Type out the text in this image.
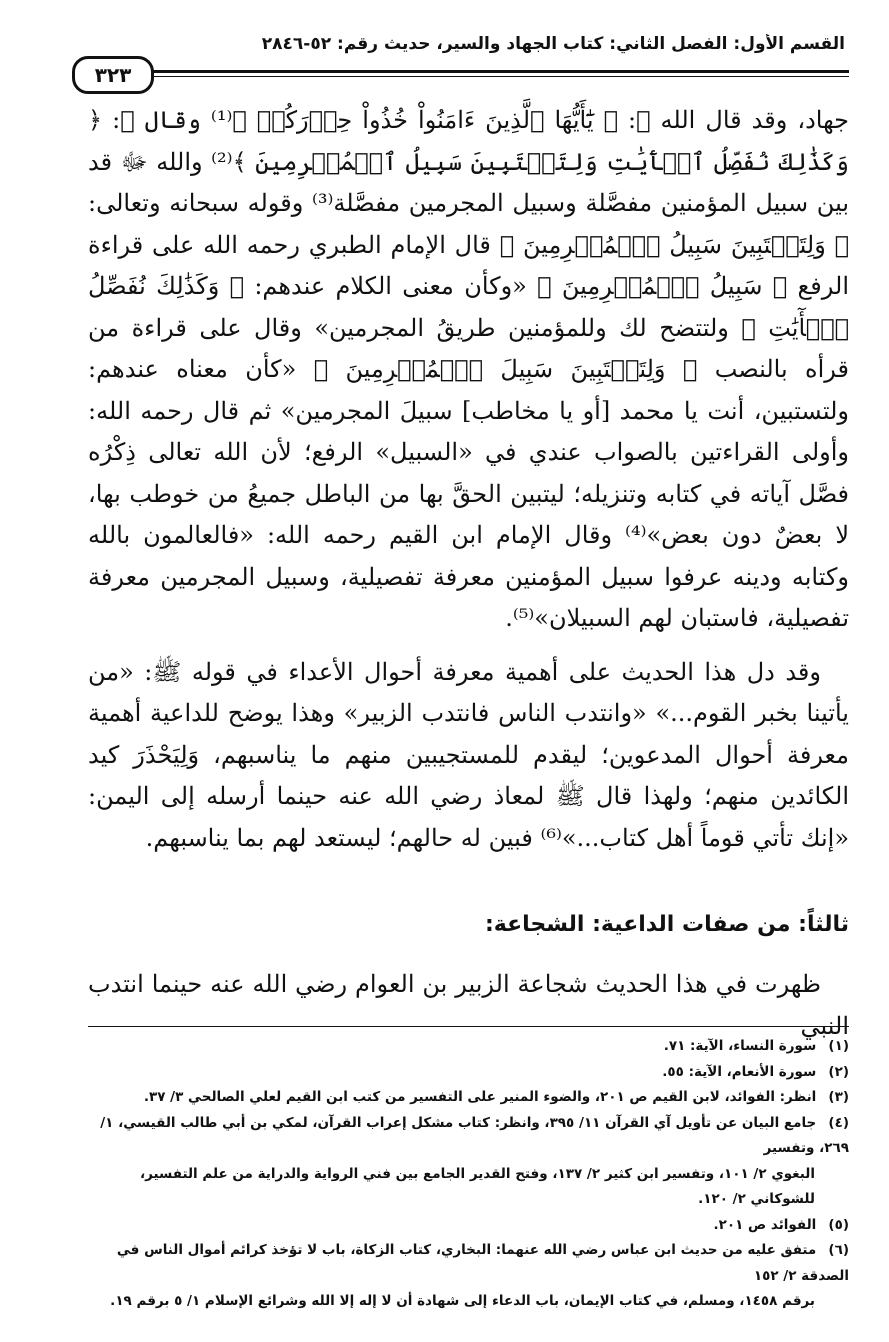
القسم الأول: الفصل الثاني: كتاب الجهاد والسير، حديث رقم: ٥٢-٢٨٤٦
٣٢٣

جهاد، وقد قال الله ﷻ: ﴿ يَٰٓأَيُّهَا ٱلَّذِينَ ءَامَنُواْ خُذُواْ حِذۡرَكُمۡ ﴾⁽¹⁾ وقال ﷻ: ﴿ وَكَذَٰلِكَ نُفَصِّلُ ٱلۡأٓيَٰتِ وَلِتَسۡتَبِينَ سَبِيلُ ٱلۡمُجۡرِمِينَ ﴾⁽²⁾ والله ﷻ قد بين سبيل المؤمنين مفصَّلة وسبيل المجرمين مفصَّلة⁽³⁾ وقوله سبحانه وتعالى: ﴿ وَلِتَسۡتَبِينَ سَبِيلُ ٱلۡمُجۡرِمِينَ ﴾ قال الإمام الطبري رحمه الله على قراءة الرفع ﴿ سَبِيلُ ٱلۡمُجۡرِمِينَ ﴾ «وكأن معنى الكلام عندهم: ﴿ وَكَذَٰلِكَ نُفَصِّلُ ٱلۡأٓيَٰتِ ﴾ ولتتضح لك وللمؤمنين طريقُ المجرمين» وقال على قراءة من قرأه بالنصب ﴿ وَلِتَسۡتَبِينَ سَبِيلَ ٱلۡمُجۡرِمِينَ ﴾ «كأن معناه عندهم: ولتستبين، أنت يا محمد [أو يا مخاطب] سبيلَ المجرمين» ثم قال رحمه الله: وأولى القراءتين بالصواب عندي في «السبيل» الرفع؛ لأن الله تعالى ذِكْرُه فصَّل آياته في كتابه وتنزيله؛ ليتبين الحقَّ بها من الباطل جميعُ من خوطب بها، لا بعضٌ دون بعض»⁽⁴⁾ وقال الإمام ابن القيم رحمه الله: «فالعالمون بالله وكتابه ودينه عرفوا سبيل المؤمنين معرفة تفصيلية، وسبيل المجرمين معرفة تفصيلية، فاستبان لهم السبيلان»⁽⁵⁾.

وقد دل هذا الحديث على أهمية معرفة أحوال الأعداء في قوله ﷺ: «من يأتينا بخبر القوم...» «وانتدب الناس فانتدب الزبير» وهذا يوضح للداعية أهمية معرفة أحوال المدعوين؛ ليقدم للمستجيبين منهم ما يناسبهم، وَلِيَحْذَرَ كيد الكائدين منهم؛ ولهذا قال ﷺ لمعاذ رضي الله عنه حينما أرسله إلى اليمن: «إنك تأتي قوماً أهل كتاب...»⁽⁶⁾ فبين له حالهم؛ ليستعد لهم بما يناسبهم.

ثالثاً: من صفات الداعية: الشجاعة:
ظهرت في هذا الحديث شجاعة الزبير بن العوام رضي الله عنه حينما انتدب النبي
(١) سورة النساء، الآية: ٧١.
(٢) سورة الأنعام، الآية: ٥٥.
(٣) انظر: الفوائد، لابن القيم ص ٢٠١، والضوء المنير على التفسير من كتب ابن القيم لعلي الصالحي ٣/ ٣٧.
(٤) جامع البيان عن تأويل آي القرآن ١١/ ٣٩٥، وانظر: كتاب مشكل إعراب القرآن، لمكي بن أبي طالب القيسي، ١/ ٢٦٩، وتفسير
البغوي ٢/ ١٠١، وتفسير ابن كثير ٢/ ١٣٧، وفتح القدير الجامع بين فني الرواية والدراية من علم التفسير، للشوكاني ٢/ ١٢٠.
(٥) الفوائد ص ٢٠١.
(٦) متفق عليه من حديث ابن عباس رضي الله عنهما: البخاري، كتاب الزكاة، باب لا تؤخذ كرائم أموال الناس في الصدقة ٢/ ١٥٢
برقم ١٤٥٨، ومسلم، في كتاب الإيمان، باب الدعاء إلى شهادة أن لا إله إلا الله وشرائع الإسلام ١/ ٥ برقم ١٩.
